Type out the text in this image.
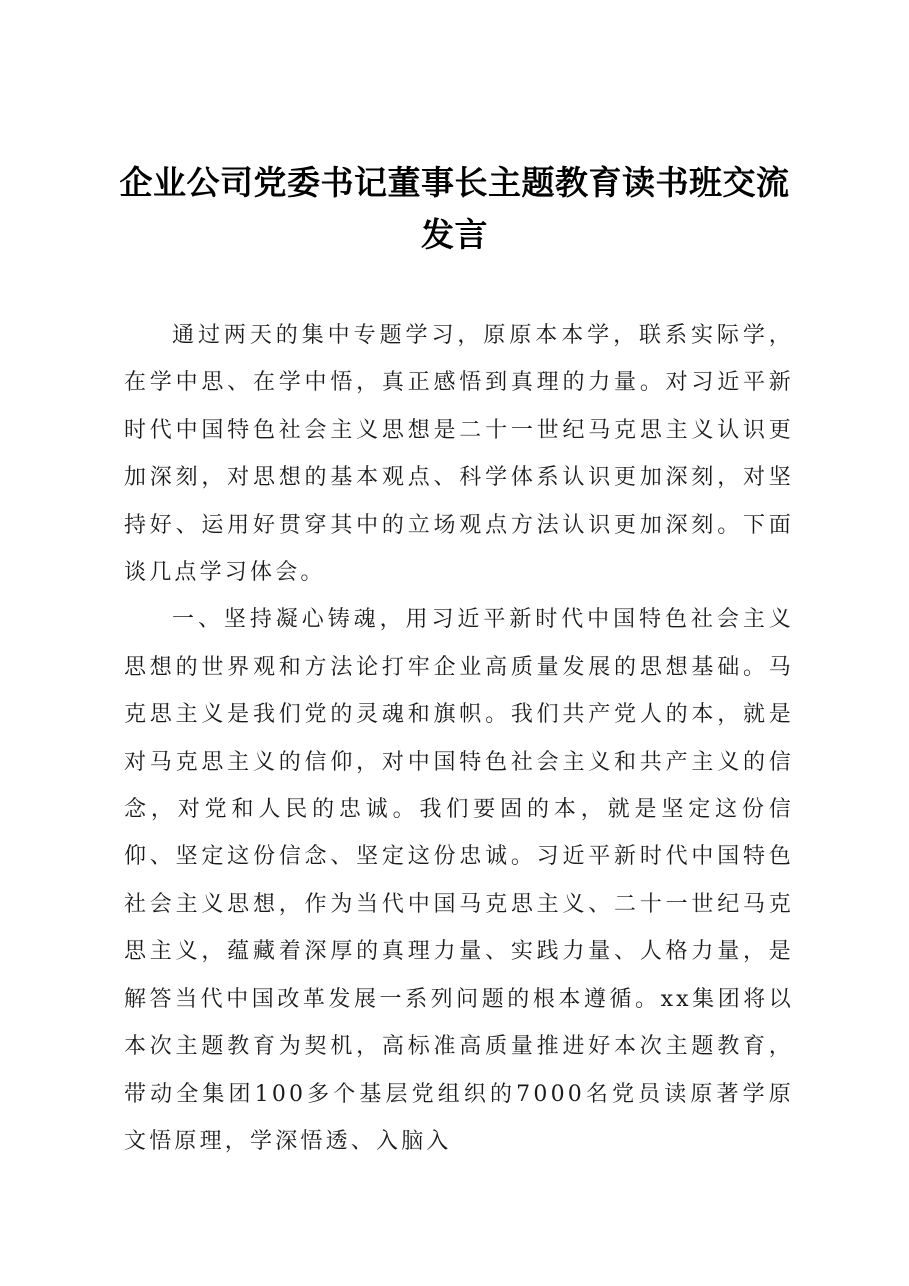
企业公司党委书记董事长主题教育读书班交流
发言

通过两天的集中专题学习，原原本本学，联系实际学，在学中思、在学中悟，真正感悟到真理的力量。对习近平新时代中国特色社会主义思想是二十一世纪马克思主义认识更加深刻，对思想的基本观点、科学体系认识更加深刻，对坚持好、运用好贯穿其中的立场观点方法认识更加深刻。下面谈几点学习体会。

一、坚持凝心铸魂，用习近平新时代中国特色社会主义思想的世界观和方法论打牢企业高质量发展的思想基础。马克思主义是我们党的灵魂和旗帜。我们共产党人的本，就是对马克思主义的信仰，对中国特色社会主义和共产主义的信念，对党和人民的忠诚。我们要固的本，就是坚定这份信仰、坚定这份信念、坚定这份忠诚。习近平新时代中国特色社会主义思想，作为当代中国马克思主义、二十一世纪马克思主义，蕴藏着深厚的真理力量、实践力量、人格力量，是解答当代中国改革发展一系列问题的根本遵循。xx集团将以本次主题教育为契机，高标准高质量推进好本次主题教育，带动全集团100多个基层党组织的7000名党员读原著学原文悟原理，学深悟透、入脑入
